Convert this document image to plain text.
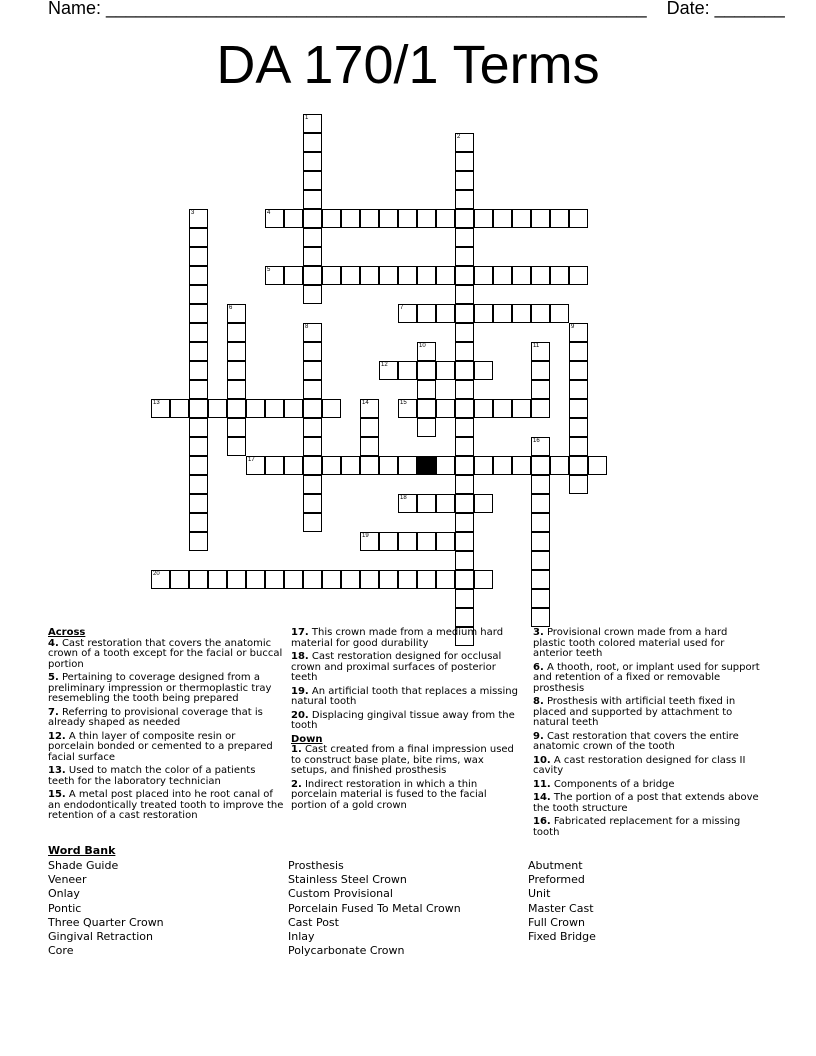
Name: ______________________________________________________    Date: _______
DA 170/1 Terms
1
2
3	4
5
6	7
8	9
10	11
12
13	14	15
16
17
18
19
20
Across
4. Cast restoration that covers the anatomic crown of a tooth except for the facial or buccal portion
5. Pertaining to coverage designed from a preliminary impression or thermoplastic tray resemebling the tooth being prepared
7. Referring to provisional coverage that is already shaped as needed
12. A thin layer of composite resin or porcelain bonded or cemented to a prepared facial surface
13. Used to match the color of a patients teeth for the laboratory technician
15. A metal post placed into he root canal of an endodontically treated tooth to improve the retention of a cast restoration
17. This crown made from a medium hard material for good durability
18. Cast restoration designed for occlusal crown and proximal surfaces of posterior teeth
19. An artificial tooth that replaces a missing natural tooth
20. Displacing gingival tissue away from the tooth
Down
1. Cast created from a final impression used to construct base plate, bite rims, wax setups, and finished prosthesis
2. Indirect restoration in which a thin porcelain material is fused to the facial portion of a gold crown
3. Provisional crown made from a hard plastic tooth colored material used for anterior teeth
6. A thooth, root, or implant used for support and retention of a fixed or removable prosthesis
8. Prosthesis with artificial teeth fixed in placed and supported by attachment to natural teeth
9. Cast restoration that covers the entire anatomic crown of the tooth
10. A cast restoration designed for class II cavity
11. Components of a bridge
14. The portion of a post that extends above the tooth structure
16. Fabricated replacement for a missing tooth
Word Bank
Shade Guide
Veneer
Onlay
Pontic
Three Quarter Crown
Gingival Retraction
Core
Prosthesis
Stainless Steel Crown
Custom Provisional
Porcelain Fused To Metal Crown
Cast Post
Inlay
Polycarbonate Crown
Abutment
Preformed
Unit
Master Cast
Full Crown
Fixed Bridge
